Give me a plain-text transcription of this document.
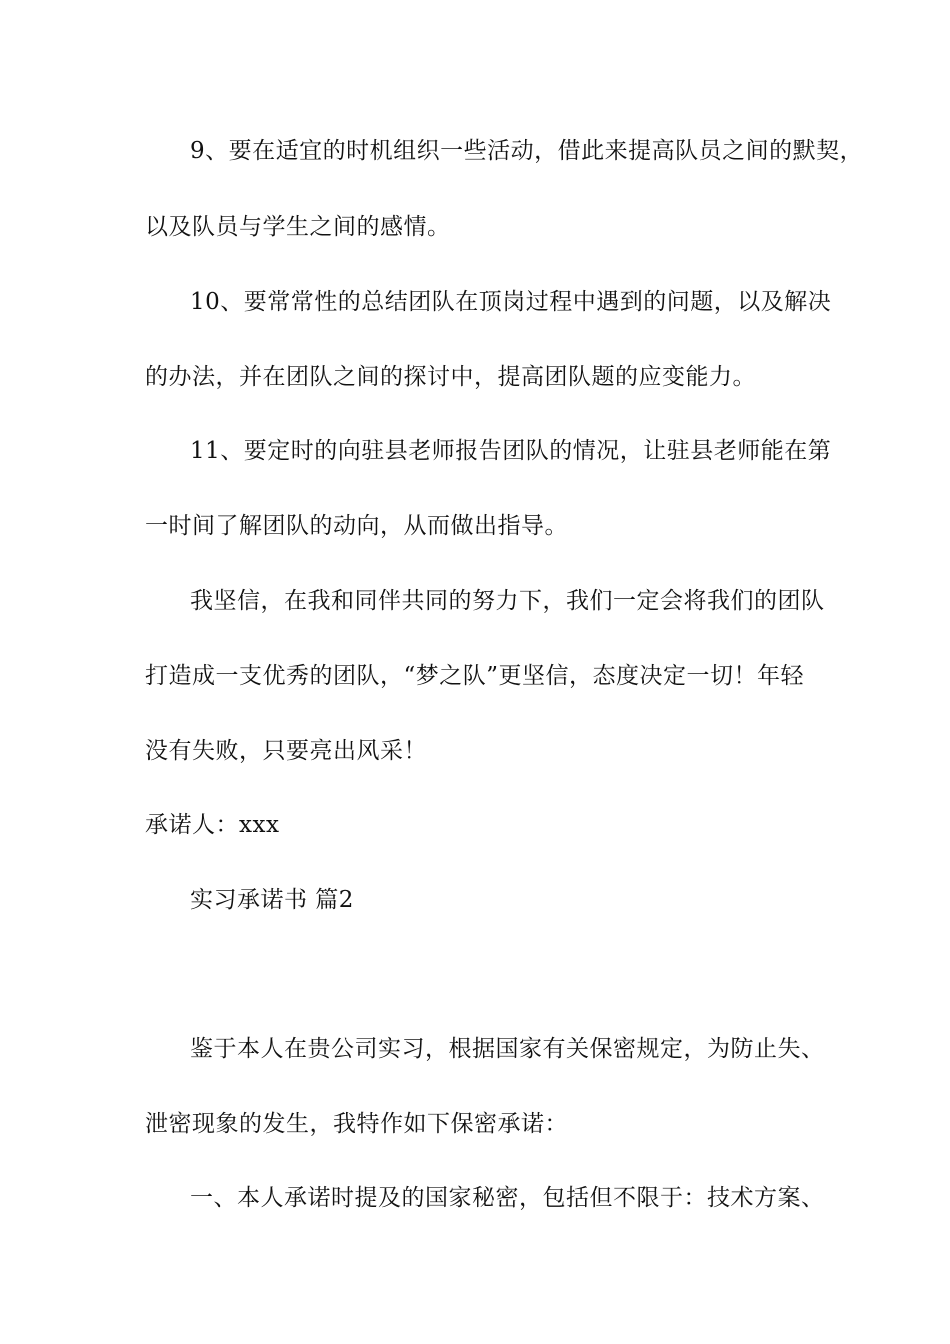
9、要在适宜的时机组织一些活动，借此来提高队员之间的默契，
以及队员与学生之间的感情。
10、要常常性的总结团队在顶岗过程中遇到的问题，以及解决
的办法，并在团队之间的探讨中，提高团队题的应变能力。
11、要定时的向驻县老师报告团队的情况，让驻县老师能在第
一时间了解团队的动向，从而做出指导。
我坚信，在我和同伴共同的努力下，我们一定会将我们的团队
打造成一支优秀的团队，“梦之队”更坚信，态度决定一切！年轻
没有失败，只要亮出风采！
承诺人：xxx
实习承诺书 篇2
鉴于本人在贵公司实习，根据国家有关保密规定，为防止失、
泄密现象的发生，我特作如下保密承诺：
一、本人承诺时提及的国家秘密，包括但不限于：技术方案、
